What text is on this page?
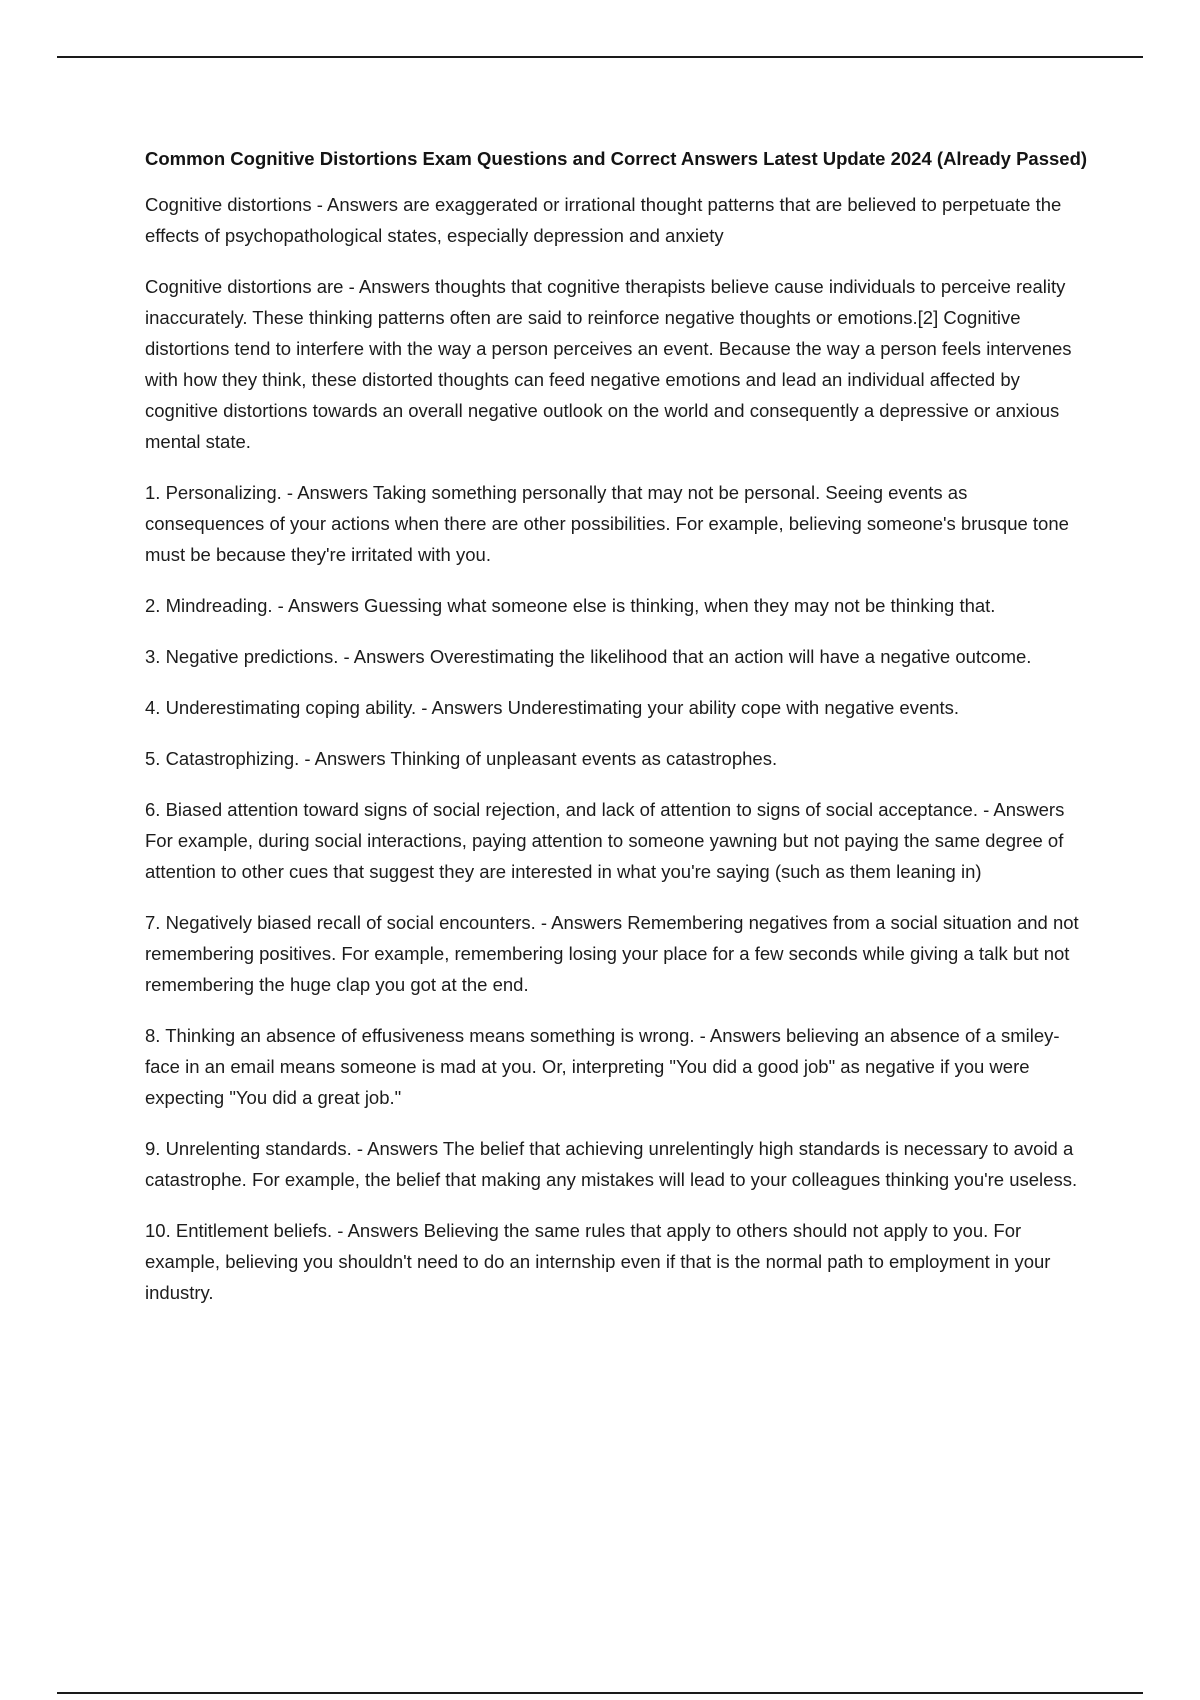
Common Cognitive Distortions Exam Questions and Correct Answers Latest Update 2024 (Already Passed)

Cognitive distortions - Answers are exaggerated or irrational thought patterns that are believed to perpetuate the effects of psychopathological states, especially depression and anxiety

Cognitive distortions are - Answers thoughts that cognitive therapists believe cause individuals to perceive reality inaccurately. These thinking patterns often are said to reinforce negative thoughts or emotions.[2] Cognitive distortions tend to interfere with the way a person perceives an event. Because the way a person feels intervenes with how they think, these distorted thoughts can feed negative emotions and lead an individual affected by cognitive distortions towards an overall negative outlook on the world and consequently a depressive or anxious mental state.

1. Personalizing. - Answers Taking something personally that may not be personal. Seeing events as consequences of your actions when there are other possibilities. For example, believing someone's brusque tone must be because they're irritated with you.

2. Mindreading. - Answers Guessing what someone else is thinking, when they may not be thinking that.

3. Negative predictions. - Answers Overestimating the likelihood that an action will have a negative outcome.

4. Underestimating coping ability. - Answers Underestimating your ability cope with negative events.

5. Catastrophizing. - Answers Thinking of unpleasant events as catastrophes.

6. Biased attention toward signs of social rejection, and lack of attention to signs of social acceptance. - Answers For example, during social interactions, paying attention to someone yawning but not paying the same degree of attention to other cues that suggest they are interested in what you're saying (such as them leaning in)

7. Negatively biased recall of social encounters. - Answers Remembering negatives from a social situation and not remembering positives. For example, remembering losing your place for a few seconds while giving a talk but not remembering the huge clap you got at the end.

8. Thinking an absence of effusiveness means something is wrong. - Answers believing an absence of a smiley-face in an email means someone is mad at you. Or, interpreting "You did a good job" as negative if you were expecting "You did a great job."

9. Unrelenting standards. - Answers The belief that achieving unrelentingly high standards is necessary to avoid a catastrophe. For example, the belief that making any mistakes will lead to your colleagues thinking you're useless.

10. Entitlement beliefs. - Answers Believing the same rules that apply to others should not apply to you. For example, believing you shouldn't need to do an internship even if that is the normal path to employment in your industry.
